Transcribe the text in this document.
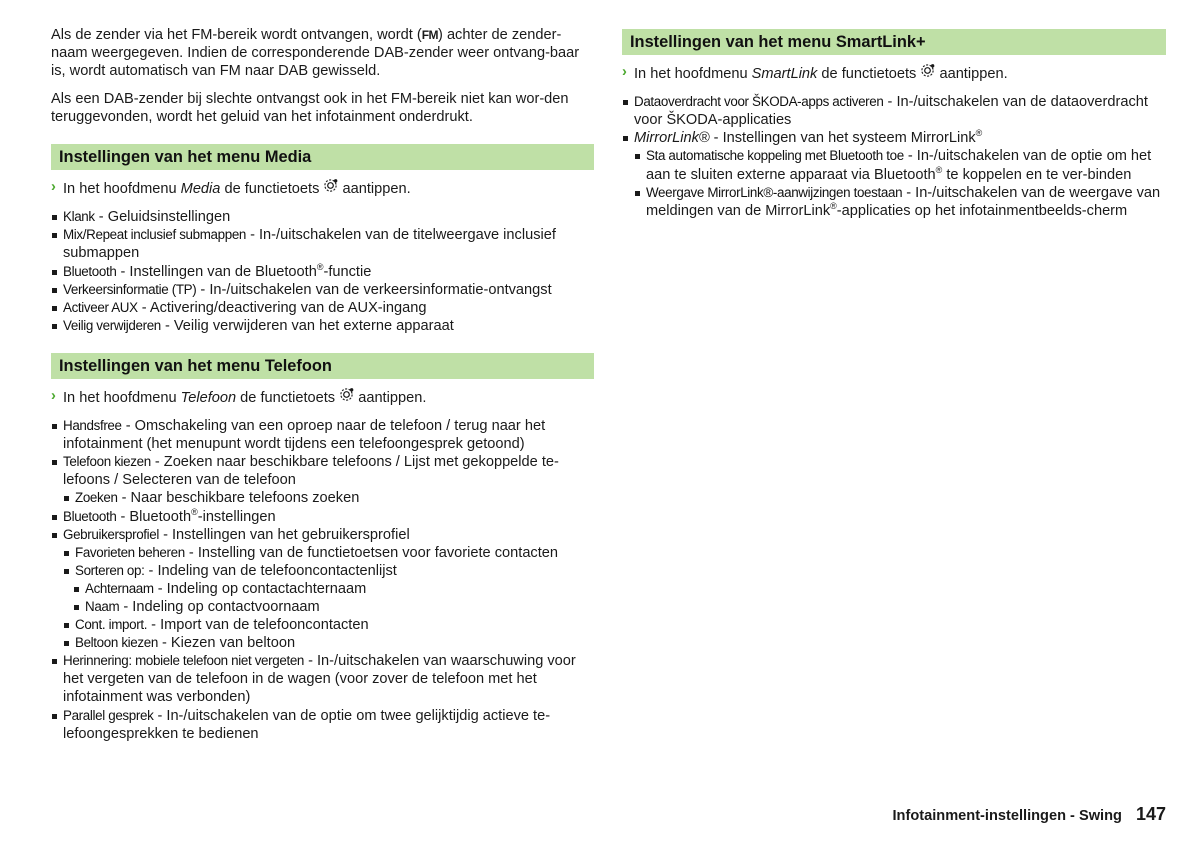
Als de zender via het FM-bereik wordt ontvangen, wordt (FM) achter de zender-naam weergegeven. Indien de corresponderende DAB-zender weer ontvang-baar is, wordt automatisch van FM naar DAB gewisseld.

Als een DAB-zender bij slechte ontvangst ook in het FM-bereik niet kan wor-den teruggevonden, wordt het geluid van het infotainment onderdrukt.

Instellingen van het menu Media
› In het hoofdmenu Media de functietoets  aantippen.
Klank - Geluidsinstellingen
Mix/Repeat inclusief submappen - In-/uitschakelen van de titelweergave inclusief submappen
Bluetooth - Instellingen van de Bluetooth®-functie
Verkeersinformatie (TP) - In-/uitschakelen van de verkeersinformatie-ontvangst
Activeer AUX - Activering/deactivering van de AUX-ingang
Veilig verwijderen - Veilig verwijderen van het externe apparaat
Instellingen van het menu Telefoon
› In het hoofdmenu Telefoon de functietoets  aantippen.
Handsfree - Omschakeling van een oproep naar de telefoon / terug naar het infotainment (het menupunt wordt tijdens een telefoongesprek getoond)
Telefoon kiezen - Zoeken naar beschikbare telefoons / Lijst met gekoppelde te-lefoons / Selecteren van de telefoon
Zoeken - Naar beschikbare telefoons zoeken
Bluetooth - Bluetooth®-instellingen
Gebruikersprofiel - Instellingen van het gebruikersprofiel
Favorieten beheren - Instelling van de functietoetsen voor favoriete contacten
Sorteren op: - Indeling van de telefooncontactenlijst
Achternaam - Indeling op contactachternaam
Naam - Indeling op contactvoornaam
Cont. import. - Import van de telefooncontacten
Beltoon kiezen - Kiezen van beltoon
Herinnering: mobiele telefoon niet vergeten - In-/uitschakelen van waarschuwing voor het vergeten van de telefoon in de wagen (voor zover de telefoon met het infotainment was verbonden)
Parallel gesprek - In-/uitschakelen van de optie om twee gelijktijdig actieve te-lefoongesprekken te bedienen
Instellingen van het menu SmartLink+
› In het hoofdmenu SmartLink de functietoets  aantippen.
Dataoverdracht voor ŠKODA-apps activeren - In-/uitschakelen van de dataoverdracht voor ŠKODA-applicaties
MirrorLink® - Instellingen van het systeem MirrorLink®
Sta automatische koppeling met Bluetooth toe - In-/uitschakelen van de optie om het aan te sluiten externe apparaat via Bluetooth® te koppelen en te ver-binden
Weergave MirrorLink®-aanwijzingen toestaan - In-/uitschakelen van de weergave van meldingen van de MirrorLink®-applicaties op het infotainmentbeelds-cherm
Infotainment-instellingen - Swing 147
